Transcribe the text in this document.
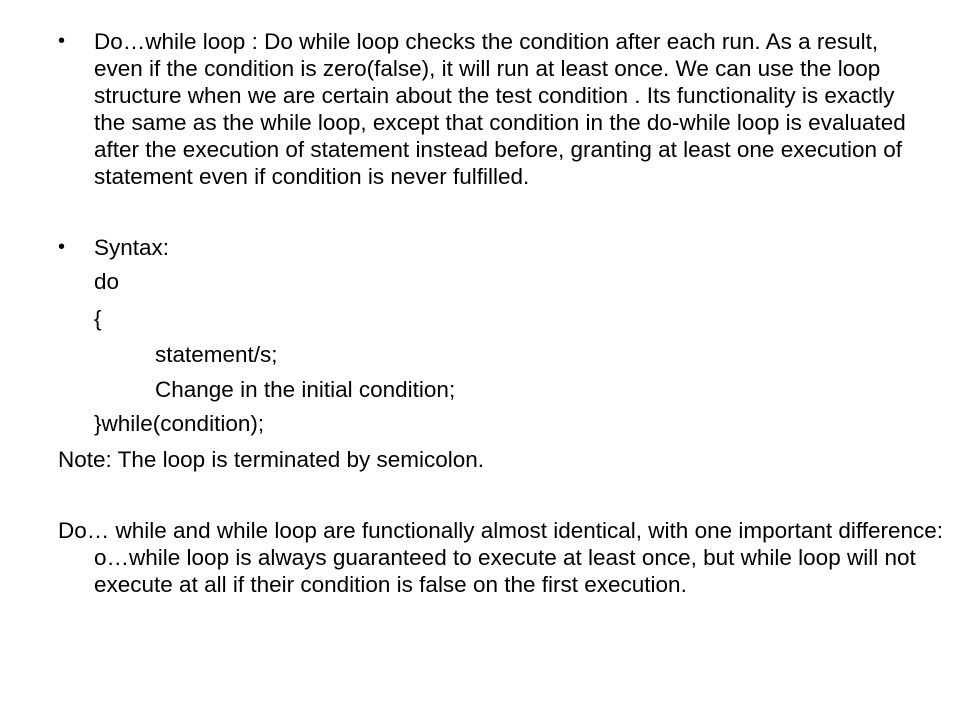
•	Do…while loop : Do while loop checks the condition after each run. As a result, even if the condition is zero(false), it will run at least once. We can use the loop structure when we are certain about the test condition . Its functionality is exactly the same as the while loop, except that condition in the do-while loop is evaluated after the execution of statement instead before, granting at least one execution of statement even if condition is never fulfilled.
•	Syntax:
do
{
statement/s;
Change in the initial condition;
}while(condition);
Note: The loop is terminated by semicolon.
Do… while and while loop are functionally almost identical, with one important difference: o…while loop is always guaranteed to execute at least once, but while loop will not execute at all if their condition is false on the first execution.
